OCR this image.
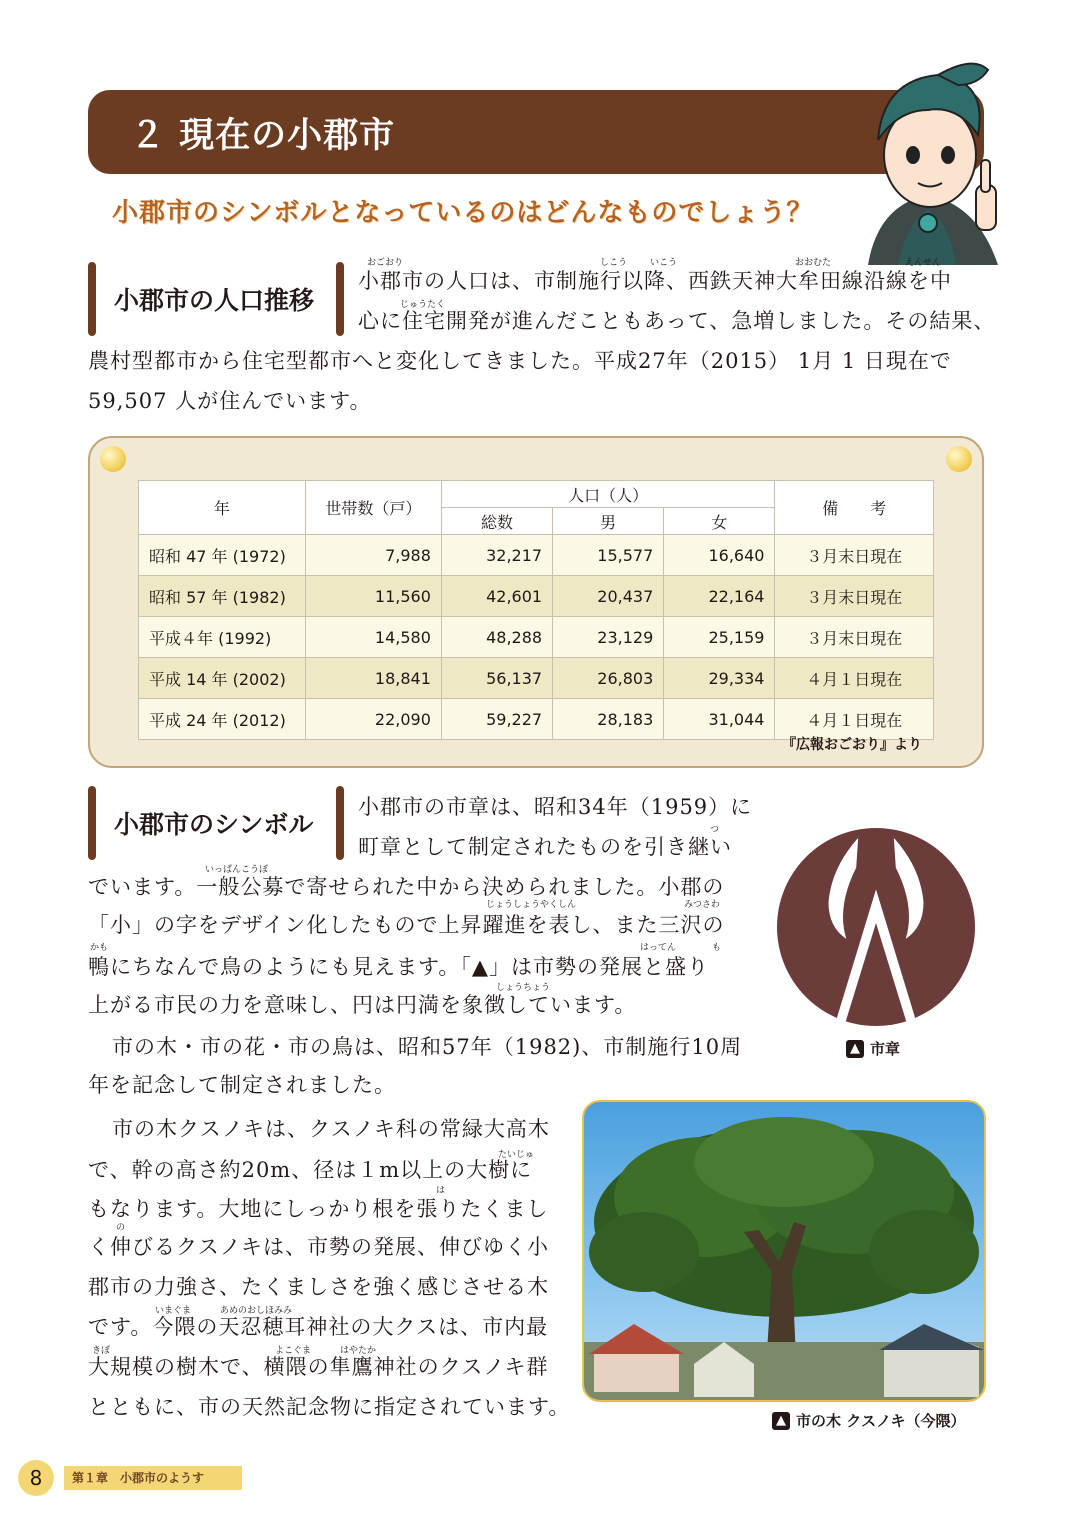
２ 現在の小郡市
小郡市のシンボルとなっているのはどんなものでしょう？
小郡市の人口推移
おごおり	しこう	いこう	おおむた	えんせん
じゅうたく
小郡市の人口は、市制施行以降、西鉄天神大牟田線沿線を中
心に住宅開発が進んだこともあって、急増しました。その結果、
農村型都市から住宅型都市へと変化してきました。平成27年（2015） 1月 1 日現在で
59,507 人が住んでいます。
年	世帯数（戸）	人口（人）			備　　考
		総数	男	女	
昭和 47 年 (1972)	7,988	32,217	15,577	16,640	３月末日現在
昭和 57 年 (1982)	11,560	42,601	20,437	22,164	３月末日現在
平成４年 (1992)	14,580	48,288	23,129	25,159	３月末日現在
平成 14 年 (2002)	18,841	56,137	26,803	29,334	４月１日現在
平成 24 年 (2012)	22,090	59,227	28,183	31,044	４月１日現在
『広報おごおり』より
小郡市のシンボル	つ
いっぱんこうぼ
じょうしょうやくしん	みつさわ
かも	はってん	も
しょうちょう
たいじゅ
は
の
いまぐま	あめのおしほみみ
きぼ	よこぐま	はやたか
小郡市の市章は、昭和34年（1959）に
町章として制定されたものを引き継い
でいます。一般公募で寄せられた中から決められました。小郡の
「小」の字をデザイン化したもので上昇躍進を表し、また三沢の
鴨にちなんで鳥のようにも見えます。「▲」は市勢の発展と盛り
上がる市民の力を意味し、円は円満を象徴しています。
市の木・市の花・市の鳥は、昭和57年（1982)、市制施行10周
年を記念して制定されました。
市の木クスノキは、クスノキ科の常緑大高木
で、幹の高さ約20m、径は１m以上の大樹に
もなります。大地にしっかり根を張りたくまし
く伸びるクスノキは、市勢の発展、伸びゆく小
郡市の力強さ、たくましさを強く感じさせる木
です。今隈の天忍穂耳神社の大クスは、市内最
大規模の樹木で、横隈の隼鷹神社のクスノキ群
とともに、市の天然記念物に指定されています。
▲ 市章
▲ 市の木 クスノキ（今隈）
8	第１章　小郡市のようす
